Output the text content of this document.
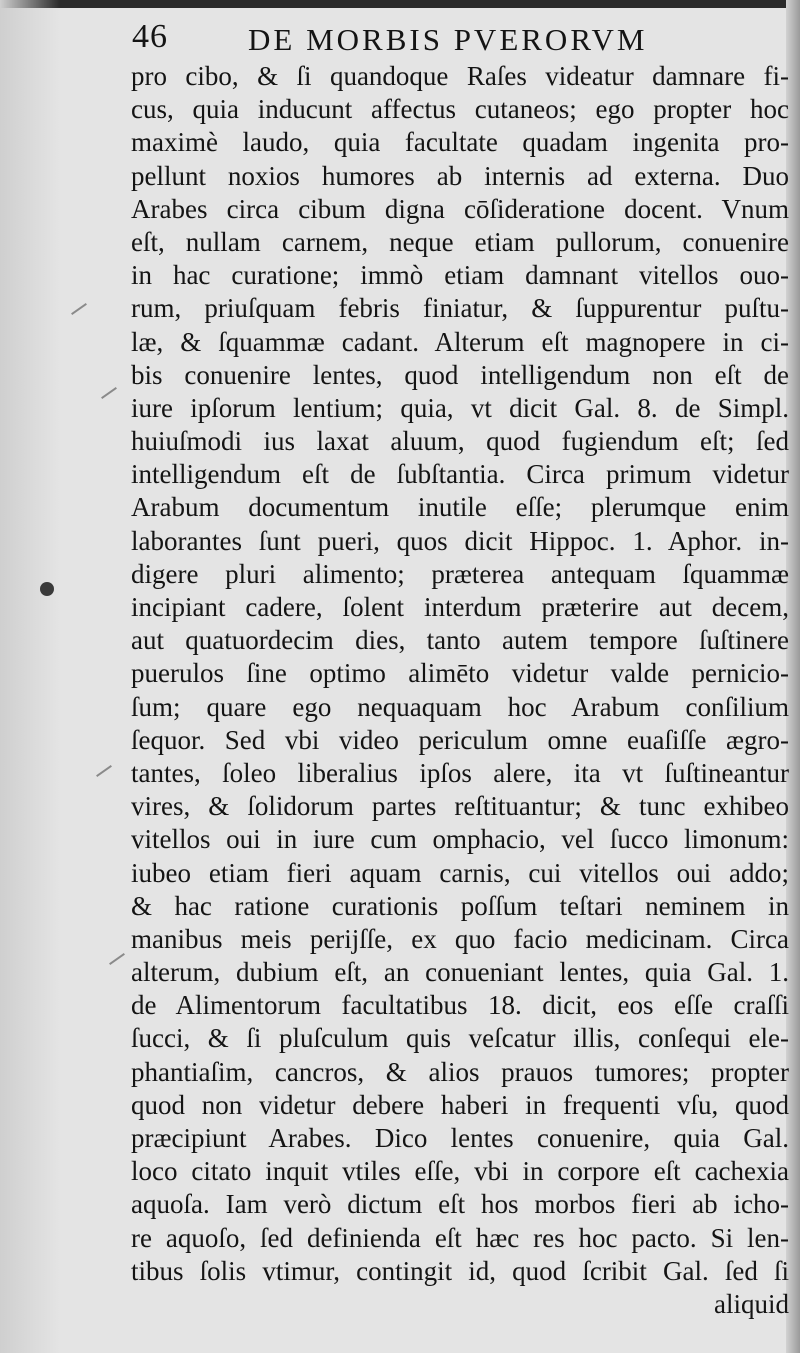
46	DE MORBIS PVERORVM
pro cibo, & ſi quandoque Raſes videatur damnare fi-
cus, quia inducunt affectus cutaneos; ego propter hoc
maximè laudo, quia facultate quadam ingenita pro-
pellunt noxios humores ab internis ad externa. Duo
Arabes circa cibum digna cōſideratione docent. Vnum
eſt, nullam carnem, neque etiam pullorum, conuenire
in hac curatione; immò etiam damnant vitellos ouo-
rum, priuſquam febris finiatur, & ſuppurentur puſtu-
læ, & ſquammæ cadant. Alterum eſt magnopere in ci-
bis conuenire lentes, quod intelligendum non eſt de
iure ipſorum lentium; quia, vt dicit Gal. 8. de Simpl.
huiuſmodi ius laxat aluum, quod fugiendum eſt; ſed
intelligendum eſt de ſubſtantia. Circa primum videtur
Arabum documentum inutile eſſe; plerumque enim
laborantes ſunt pueri, quos dicit Hippoc. 1. Aphor. in-
digere pluri alimento; præterea antequam ſquammæ
incipiant cadere, ſolent interdum præterire aut decem,
aut quatuordecim dies, tanto autem tempore ſuſtinere
puerulos ſine optimo alimēto videtur valde pernicio-
ſum; quare ego nequaquam hoc Arabum conſilium
ſequor. Sed vbi video periculum omne euaſiſſe ægro-
tantes, ſoleo liberalius ipſos alere, ita vt ſuſtineantur
vires, & ſolidorum partes reſtituantur; & tunc exhibeo
vitellos oui in iure cum omphacio, vel ſucco limonum:
iubeo etiam fieri aquam carnis, cui vitellos oui addo;
& hac ratione curationis poſſum teſtari neminem in
manibus meis perijſſe, ex quo facio medicinam. Circa
alterum, dubium eſt, an conueniant lentes, quia Gal. 1.
de Alimentorum facultatibus 18. dicit, eos eſſe craſſi
ſucci, & ſi pluſculum quis veſcatur illis, conſequi ele-
phantiaſim, cancros, & alios prauos tumores; propter
quod non videtur debere haberi in frequenti vſu, quod
præcipiunt Arabes. Dico lentes conuenire, quia Gal.
loco citato inquit vtiles eſſe, vbi in corpore eſt cachexia
aquoſa. Iam verò dictum eſt hos morbos fieri ab icho-
re aquoſo, ſed definienda eſt hæc res hoc pacto. Si len-
tibus ſolis vtimur, contingit id, quod ſcribit Gal. ſed ſi
aliquid
